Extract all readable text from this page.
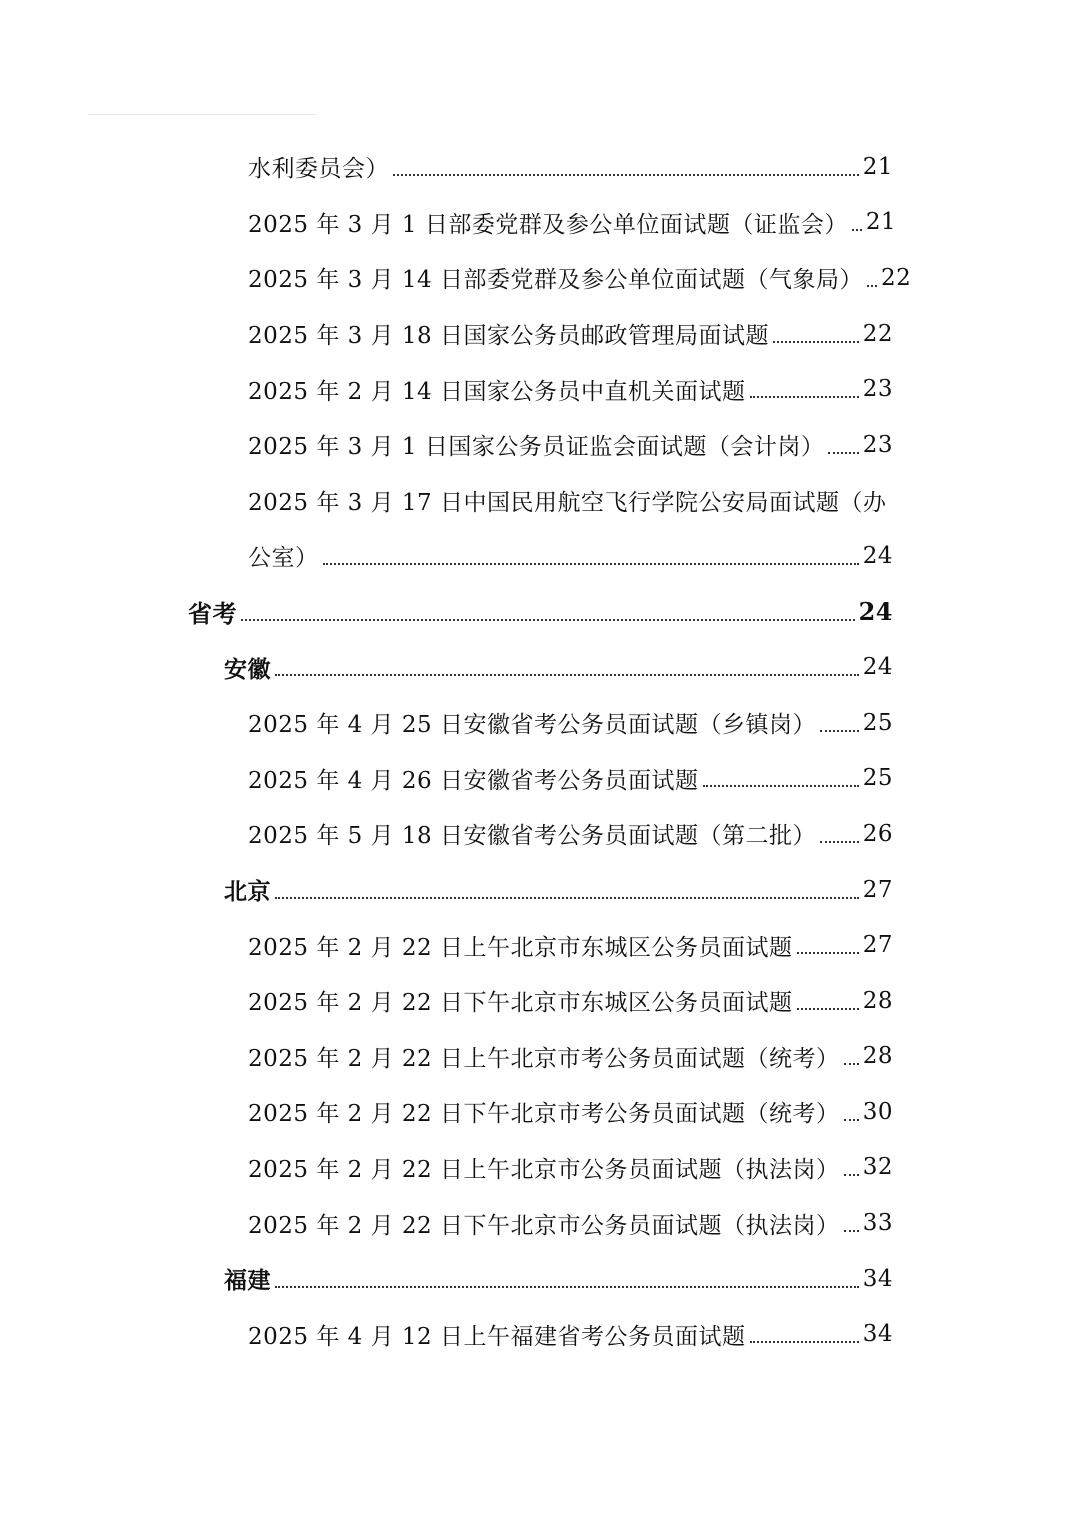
水利委员会）	21
2025 年 3 月 1 日部委党群及参公单位面试题（证监会） 21
2025 年 3 月 14 日部委党群及参公单位面试题（气象局） 22
2025 年 3 月 18 日国家公务员邮政管理局面试题	22
2025 年 2 月 14 日国家公务员中直机关面试题	23
2025 年 3 月 1 日国家公务员证监会面试题（会计岗） 23
2025 年 3 月 17 日中国民用航空飞行学院公安局面试题（办
公室）	24
省考	24
安徽	24
2025 年 4 月 25 日安徽省考公务员面试题（乡镇岗） 25
2025 年 4 月 26 日安徽省考公务员面试题	25
2025 年 5 月 18 日安徽省考公务员面试题（第二批） 26
北京	27
2025 年 2 月 22 日上午北京市东城区公务员面试题	27
2025 年 2 月 22 日下午北京市东城区公务员面试题	28
2025 年 2 月 22 日上午北京市考公务员面试题（统考） 28
2025 年 2 月 22 日下午北京市考公务员面试题（统考） 30
2025 年 2 月 22 日上午北京市公务员面试题（执法岗） 32
2025 年 2 月 22 日下午北京市公务员面试题（执法岗） 33
福建	34
2025 年 4 月 12 日上午福建省考公务员面试题	34
